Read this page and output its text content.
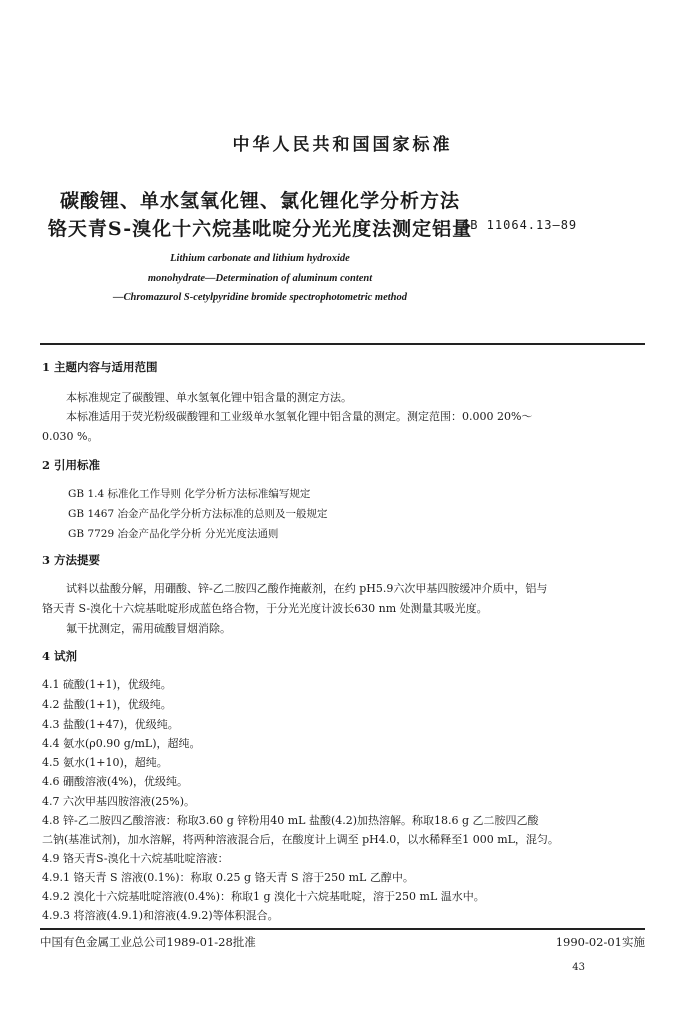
中华人民共和国国家标准
碳酸锂、单水氢氧化锂、氯化锂化学分析方法
铬天青S-溴化十六烷基吡啶分光光度法测定铝量
GB 11064.13—89
Lithium carbonate and lithium hydroxide
monohydrate—Determination of aluminum content
—Chromazurol S-cetylpyridine bromide spectrophotometric method
1 主题内容与适用范围
本标准规定了碳酸锂、单水氢氧化锂中铝含量的测定方法。
本标准适用于荧光粉级碳酸锂和工业级单水氢氧化锂中铝含量的测定。测定范围：0.000 20%～
0.030 %。
2 引用标准
GB 1.4 标准化工作导则 化学分析方法标准编写规定
GB 1467 冶金产品化学分析方法标准的总则及一般规定
GB 7729 冶金产品化学分析 分光光度法通则
3 方法提要
试料以盐酸分解，用硼酸、锌-乙二胺四乙酸作掩蔽剂，在约 pH5.9六次甲基四胺缓冲介质中，铝与
铬天青 S-溴化十六烷基吡啶形成蓝色络合物，于分光光度计波长630 nm 处测量其吸光度。
氟干扰测定，需用硫酸冒烟消除。
4 试剂
4.1 硫酸(1+1)，优级纯。
4.2 盐酸(1+1)，优级纯。
4.3 盐酸(1+47)，优级纯。
4.4 氨水(ρ0.90 g/mL)，超纯。
4.5 氨水(1+10)，超纯。
4.6 硼酸溶液(4%)，优级纯。
4.7 六次甲基四胺溶液(25%)。
4.8 锌-乙二胺四乙酸溶液：称取3.60 g 锌粉用40 mL 盐酸(4.2)加热溶解。称取18.6 g 乙二胺四乙酸
二钠(基准试剂)，加水溶解，将两种溶液混合后，在酸度计上调至 pH4.0，以水稀释至1 000 mL，混匀。
4.9 铬天青S-溴化十六烷基吡啶溶液：
4.9.1 铬天青 S 溶液(0.1%)：称取 0.25 g 铬天青 S 溶于250 mL 乙醇中。
4.9.2 溴化十六烷基吡啶溶液(0.4%)：称取1 g 溴化十六烷基吡啶，溶于250 mL 温水中。
4.9.3 将溶液(4.9.1)和溶液(4.9.2)等体积混合。
中国有色金属工业总公司1989-01-28批准	1990-02-01实施
43
